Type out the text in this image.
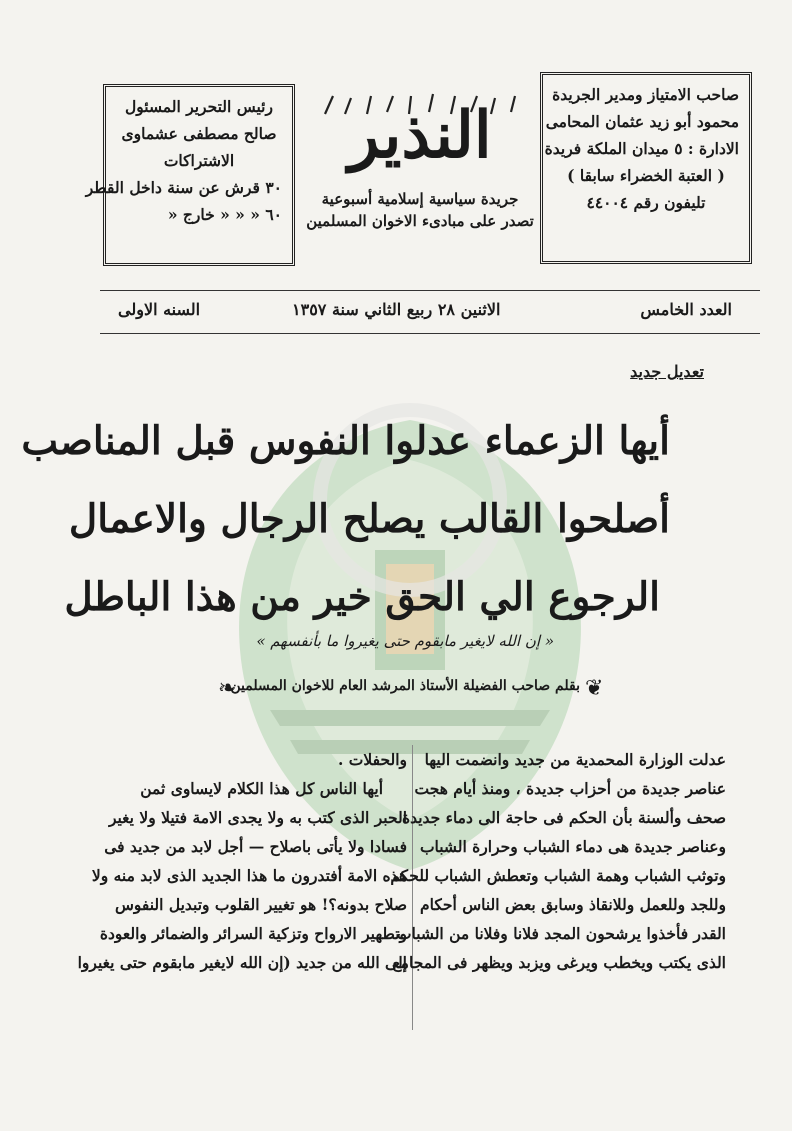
صاحب الامتياز ومدير الجريدة
محمود أبو زيد عثمان المحامى
الادارة : ٥ ميدان الملكة فريدة
( العتبة الخضراء سابقا )
تليفون رقم ٤٤٠٠٤
رئيس التحرير المسئول
صالح مصطفى عشماوى
الاشتراكات
٣٠ قرش عن سنة داخل القطر
٦٠ « « « خارج «
النذير
جريدة سياسية إسلامية أسبوعية
تصدر على مبادىء الاخوان المسلمين
العدد الخامس
الاثنين ٢٨ ربيع الثاني سنة ١٣٥٧
السنه الاولى
تعديل جديد
أيها الزعماء عدلوا النفوس قبل المناصب
أصلحوا القالب يصلح الرجال والاعمال
الرجوع الي الحق خير من هذا الباطل
« إن الله لايغير مابقوم حتى يغيروا ما بأنفسهم »
❦
بقلم صاحب الفضيلة الأستاذ المرشد العام للاخوان المسلمين
❧
عدلت الوزارة المحمدية من جديد وانضمت اليها
عناصر جديدة من أحزاب جديدة ، ومنذ أيام هجت
صحف وألسنة بأن الحكم فى حاجة الى دماء جديدة
وعناصر جديدة هى دماء الشباب وحرارة الشباب
وتوثب الشباب وهمة الشباب وتعطش الشباب للحكم
وللجد وللعمل وللانقاذ وسابق بعض الناس أحكام
القدر فأخذوا يرشحون المجد فلانا وفلانا من الشباب
الذى يكتب ويخطب ويرغى ويزبد ويظهر فى المجامع
والحفلات .
أيها الناس كل هذا الكلام لايساوى ثمن
الحبر الذى كتب به ولا يجدى الامة فتيلا ولا يغير
فسادا ولا يأتى باصلاح — أجل لابد من جديد فى
هذه الامة أفتدرون ما هذا الجديد الذى لابد منه ولا
صلاح بدونه؟! هو تغيير القلوب وتبديل النفوس
وتطهير الارواح وتزكية السرائر والضمائر والعودة
إلى الله من جديد (إن الله لايغير مابقوم حتى يغيروا
